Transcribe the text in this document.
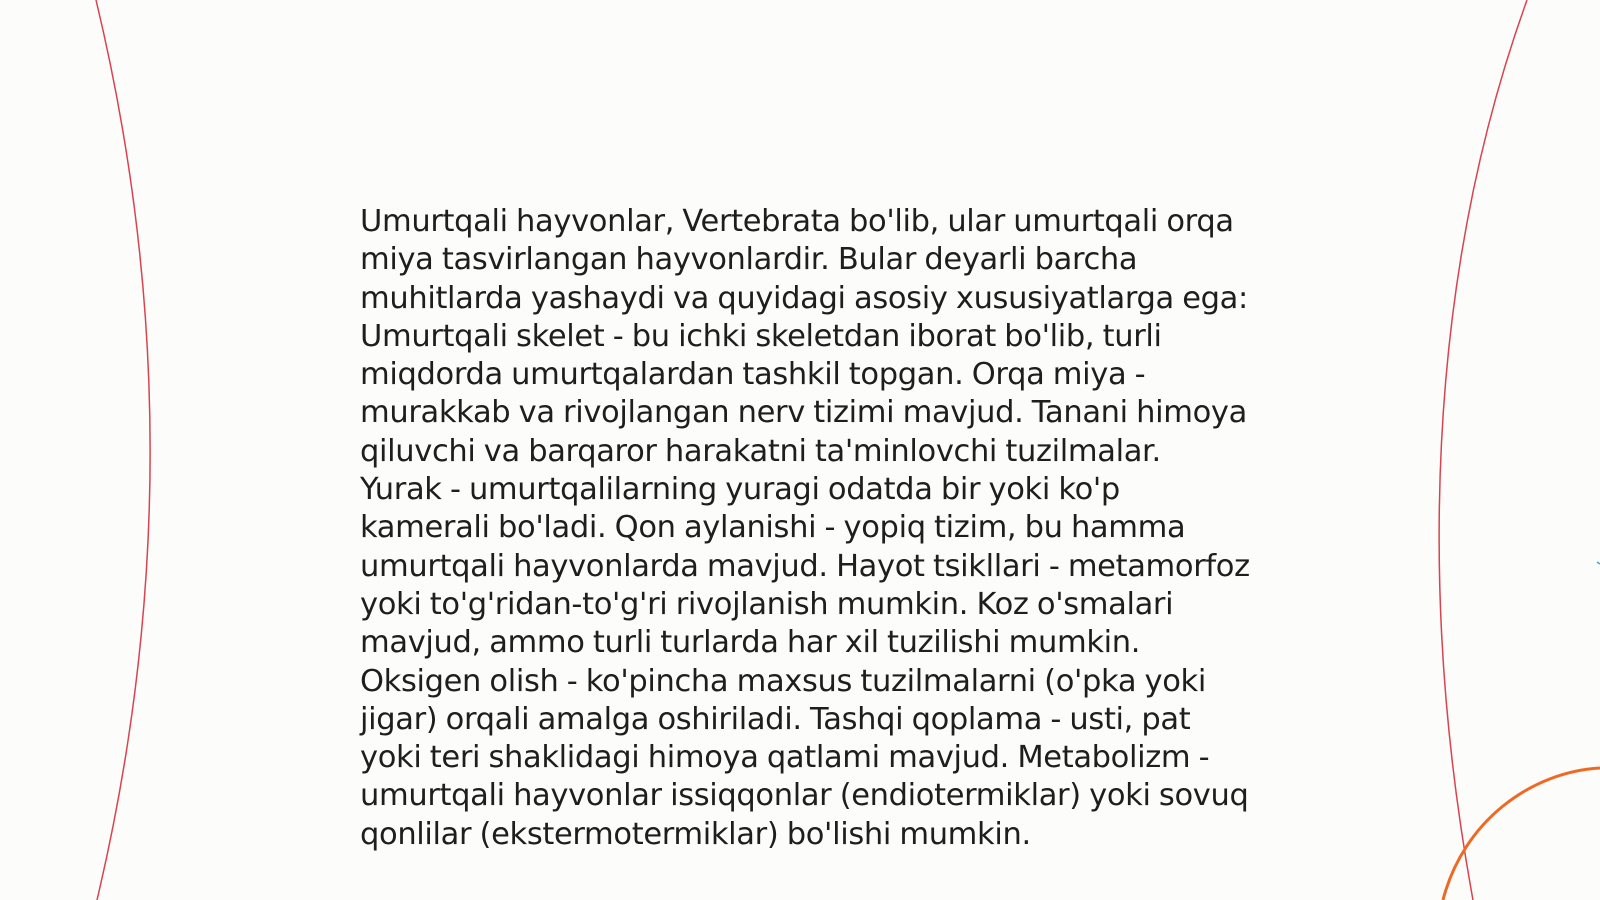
Umurtqali hayvonlar, Vertebrata bo'lib, ular umurtqali orqa miya tasvirlangan hayvonlardir. Bular deyarli barcha muhitlarda yashaydi va quyidagi asosiy xususiyatlarga ega: Umurtqali skelet - bu ichki skeletdan iborat bo'lib, turli miqdorda umurtqalardan tashkil topgan. Orqa miya - murakkab va rivojlangan nerv tizimi mavjud. Tanani himoya qiluvchi va barqaror harakatni ta'minlovchi tuzilmalar. Yurak - umurtqalilarning yuragi odatda bir yoki ko'p kamerali bo'ladi. Qon aylanishi - yopiq tizim, bu hamma umurtqali hayvonlarda mavjud. Hayot tsikllari - metamorfoz yoki to'g'ridan-to'g'ri rivojlanish mumkin. Koz o'smalari mavjud, ammo turli turlarda har xil tuzilishi mumkin. Oksigen olish - ko'pincha maxsus tuzilmalarni (o'pka yoki jigar) orqali amalga oshiriladi. Tashqi qoplama - usti, pat yoki teri shaklidagi himoya qatlami mavjud. Metabolizm - umurtqali hayvonlar issiqqonlar (endiotermiklar) yoki sovuq qonlilar (ekstermotermiklar) bo'lishi mumkin.
